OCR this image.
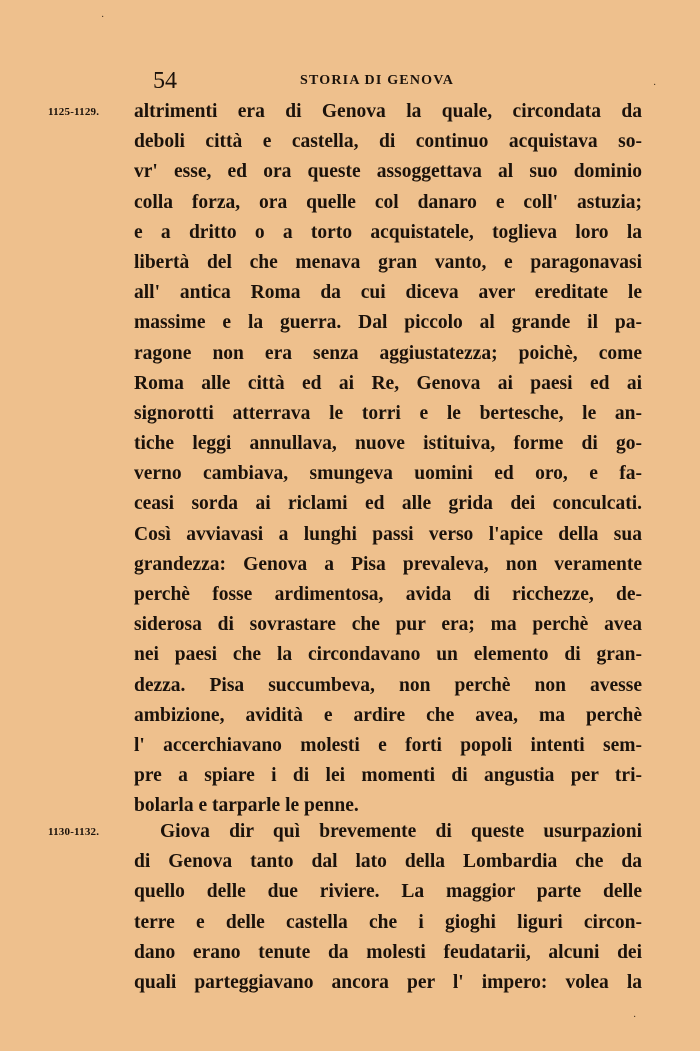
·
·
·
54	STORIA DI GENOVA
1125-1129.
1130-1132.
altrimenti era di Genova la quale, circondata da
deboli città e castella, di continuo acquistava so-
vr' esse, ed ora queste assoggettava al suo dominio
colla forza, ora quelle col danaro e coll' astuzia;
e a dritto o a torto acquistatele, toglieva loro la
libertà del che menava gran vanto, e paragonavasi
all' antica Roma da cui diceva aver ereditate le
massime e la guerra. Dal piccolo al grande il pa-
ragone non era senza aggiustatezza; poichè, come
Roma alle città ed ai Re, Genova ai paesi ed ai
signorotti atterrava le torri e le bertesche, le an-
tiche leggi annullava, nuove istituiva, forme di go-
verno cambiava, smungeva uomini ed oro, e fa-
ceasi sorda ai riclami ed alle grida dei conculcati.
Così avviavasi a lunghi passi verso l'apice della sua
grandezza: Genova a Pisa prevaleva, non veramente
perchè fosse ardimentosa, avida di ricchezze, de-
siderosa di sovrastare che pur era; ma perchè avea
nei paesi che la circondavano un elemento di gran-
dezza. Pisa succumbeva, non perchè non avesse
ambizione, avidità e ardire che avea, ma perchè
l' accerchiavano molesti e forti popoli intenti sem-
pre a spiare i di lei momenti di angustia per tri-
bolarla e tarparle le penne.
Giova dir quì brevemente di queste usurpazioni
di Genova tanto dal lato della Lombardia che da
quello delle due riviere. La maggior parte delle
terre e delle castella che i gioghi liguri circon-
dano erano tenute da molesti feudatarii, alcuni dei
quali parteggiavano ancora per l' impero: volea la
